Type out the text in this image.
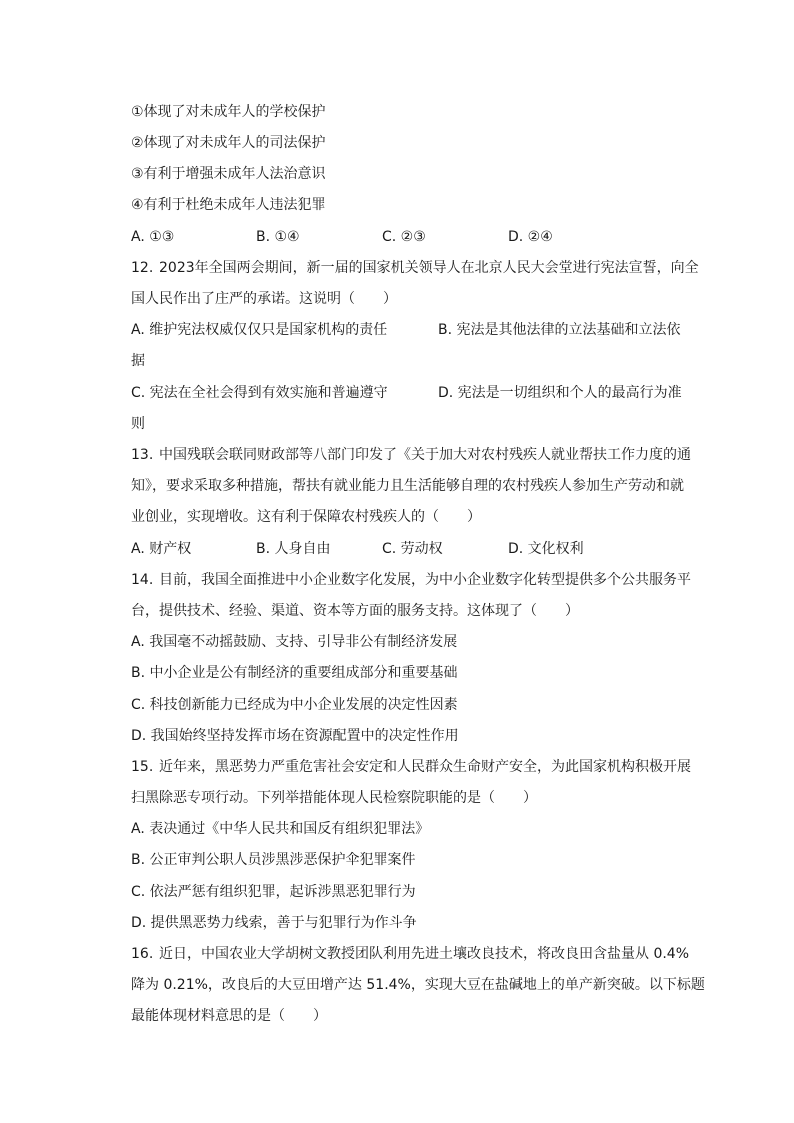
①体现了对未成年人的学校保护
②体现了对未成年人的司法保护
③有利于增强未成年人法治意识
④有利于杜绝未成年人违法犯罪
A. ①③	B. ①④	C. ②③	D. ②④
12. 2023年全国两会期间，新一届的国家机关领导人在北京人民大会堂进行宪法宣誓，向全
国人民作出了庄严的承诺。这说明（　　）
A. 维护宪法权威仅仅只是国家机构的责任	B. 宪法是其他法律的立法基础和立法依
据
C. 宪法在全社会得到有效实施和普遍遵守	D. 宪法是一切组织和个人的最高行为准
则
13. 中国残联会联同财政部等八部门印发了《关于加大对农村残疾人就业帮扶工作力度的通
知》，要求采取多种措施，帮扶有就业能力且生活能够自理的农村残疾人参加生产劳动和就
业创业，实现增收。这有利于保障农村残疾人的（　　）
A. 财产权	B. 人身自由	C. 劳动权	D. 文化权利
14. 目前，我国全面推进中小企业数字化发展，为中小企业数字化转型提供多个公共服务平
台，提供技术、经验、渠道、资本等方面的服务支持。这体现了（　　）
A. 我国毫不动摇鼓励、支持、引导非公有制经济发展
B. 中小企业是公有制经济的重要组成部分和重要基础
C. 科技创新能力已经成为中小企业发展的决定性因素
D. 我国始终坚持发挥市场在资源配置中的决定性作用
15. 近年来，黑恶势力严重危害社会安定和人民群众生命财产安全，为此国家机构积极开展
扫黑除恶专项行动。下列举措能体现人民检察院职能的是（　　）
A. 表决通过《中华人民共和国反有组织犯罪法》
B. 公正审判公职人员涉黑涉恶保护伞犯罪案件
C. 依法严惩有组织犯罪，起诉涉黑恶犯罪行为
D. 提供黑恶势力线索，善于与犯罪行为作斗争
16. 近日，中国农业大学胡树文教授团队利用先进土壤改良技术，将改良田含盐量从 0.4%
降为 0.21%，改良后的大豆田增产达 51.4%，实现大豆在盐碱地上的单产新突破。以下标题
最能体现材料意思的是（　　）
